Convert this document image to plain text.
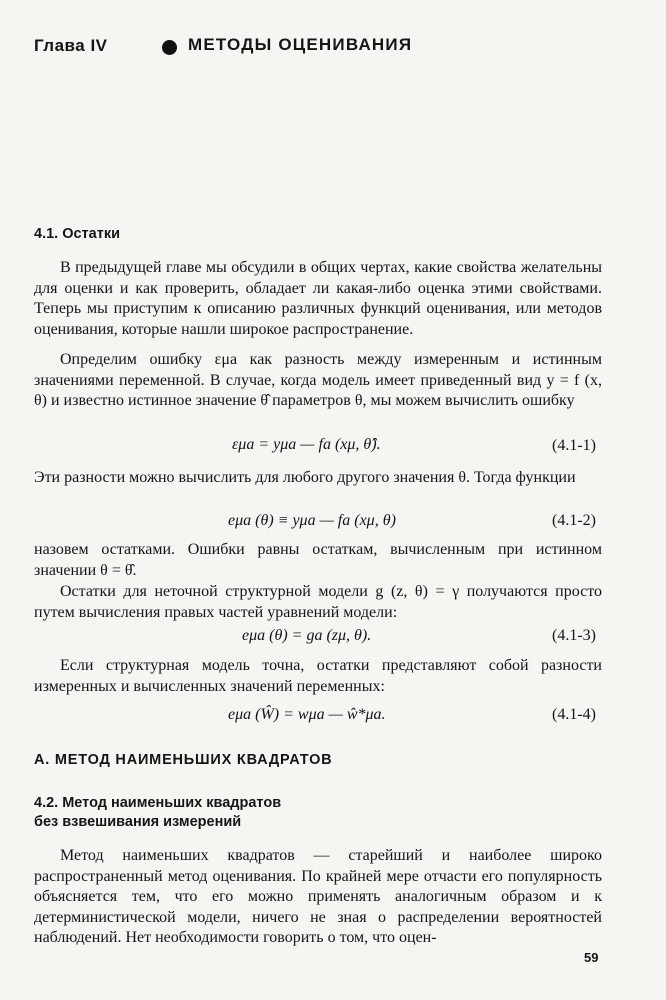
Глава IV	МЕТОДЫ ОЦЕНИВАНИЯ
4.1. Остатки
В предыдущей главе мы обсудили в общих чертах, какие свойства желательны для оценки и как проверить, обладает ли какая-либо оценка этими свойствами. Теперь мы приступим к описанию различных функций оценивания, или методов оценивания, которые нашли широкое распространение.
Определим ошибку εμa как разность между измеренным и истинным значениями переменной. В случае, когда модель имеет приведенный вид y = f (x, θ) и известно истинное значение θ̂ параметров θ, мы можем вычислить ошибку
εμa = yμa — fa (xμ, θ̂).	(4.1-1)
Эти разности можно вычислить для любого другого значения θ. Тогда функции
eμa (θ) ≡ yμa — fa (xμ, θ)	(4.1-2)
назовем остатками. Ошибки равны остаткам, вычисленным при истинном значении θ = θ̂.
Остатки для неточной структурной модели g (z, θ) = γ получаются просто путем вычисления правых частей уравнений модели:
eμa (θ) = ga (zμ, θ).	(4.1-3)
Если структурная модель точна, остатки представляют собой разности измеренных и вычисленных значений переменных:
eμa (Ŵ) = wμa — ŵ*μa.	(4.1-4)
А. МЕТОД НАИМЕНЬШИХ КВАДРАТОВ
4.2. Метод наименьших квадратов
без взвешивания измерений
Метод наименьших квадратов — старейший и наиболее широко распространенный метод оценивания. По крайней мере отчасти его популярность объясняется тем, что его можно применять аналогичным образом и к детерминистической модели, ничего не зная о распределении вероятностей наблюдений. Нет необходимости говорить о том, что оцен-
59
